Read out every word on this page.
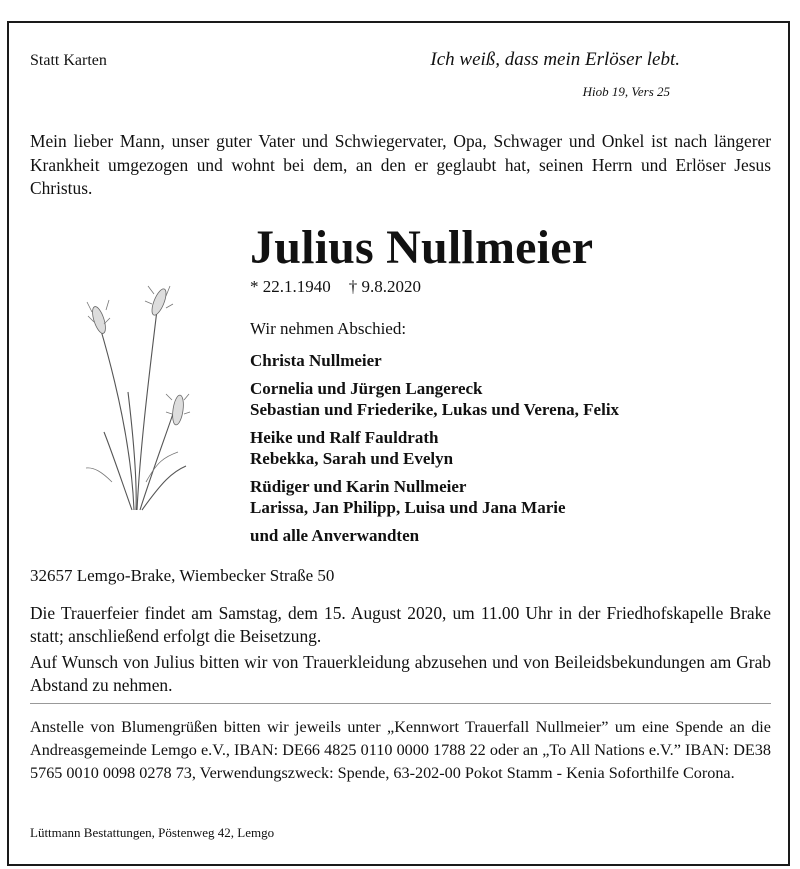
Statt Karten	Ich weiß, dass mein Erlöser lebt.
Hiob 19, Vers 25
Mein lieber Mann, unser guter Vater und Schwiegervater, Opa, Schwager und Onkel ist nach längerer Krankheit umgezogen und wohnt bei dem, an den er geglaubt hat, seinen Herrn und Erlöser Jesus Christus.
Julius Nullmeier
* 22.1.1940 † 9.8.2020
Wir nehmen Abschied:
Christa Nullmeier
Cornelia und Jürgen Langereck
Sebastian und Friederike, Lukas und Verena, Felix
Heike und Ralf Fauldrath
Rebekka, Sarah und Evelyn
Rüdiger und Karin Nullmeier
Larissa, Jan Philipp, Luisa und Jana Marie
und alle Anverwandten
32657 Lemgo-Brake, Wiembecker Straße 50
Die Trauerfeier findet am Samstag, dem 15. August 2020, um 11.00 Uhr in der Friedhofskapelle Brake statt; anschließend erfolgt die Beisetzung.
Auf Wunsch von Julius bitten wir von Trauerkleidung abzusehen und von Beileidsbekundungen am Grab Abstand zu nehmen.
Anstelle von Blumengrüßen bitten wir jeweils unter „Kennwort Trauerfall Nullmeier” um eine Spende an die Andreasgemeinde Lemgo e.V., IBAN: DE66 4825 0110 0000 1788 22 oder an „To All Nations e.V.” IBAN: DE38 5765 0010 0098 0278 73, Verwendungszweck: Spende, 63-202-00 Pokot Stamm - Kenia Soforthilfe Corona.
Lüttmann Bestattungen, Pöstenweg 42, Lemgo
